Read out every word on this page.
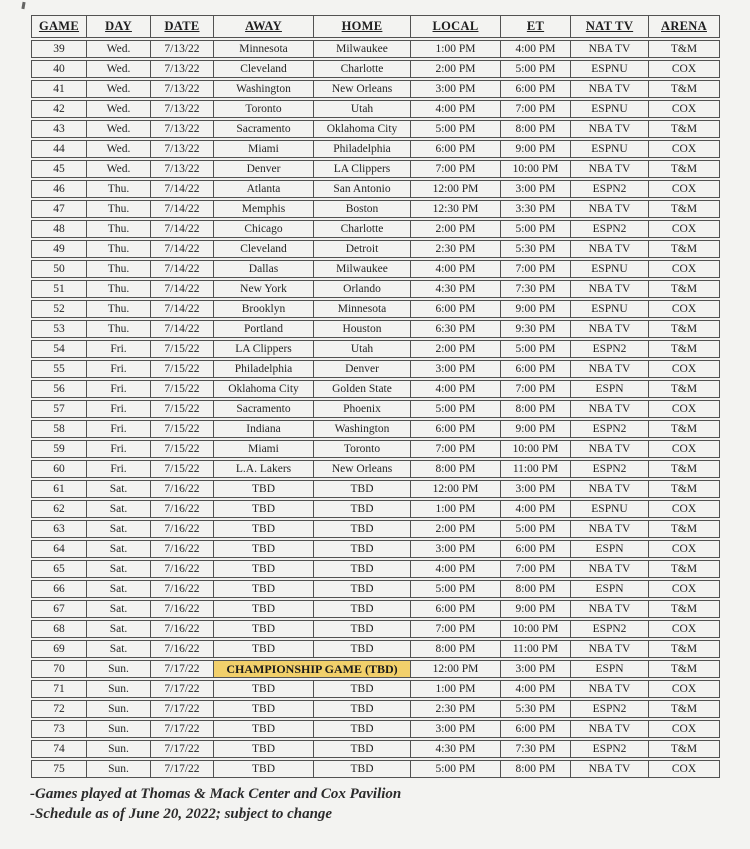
GAME	DAY	DATE	AWAY	HOME	LOCAL	ET	NAT TV	ARENA
39	Wed.	7/13/22	Minnesota	Milwaukee	1:00 PM	4:00 PM	NBA TV	T&M
40	Wed.	7/13/22	Cleveland	Charlotte	2:00 PM	5:00 PM	ESPNU	COX
41	Wed.	7/13/22	Washington	New Orleans	3:00 PM	6:00 PM	NBA TV	T&M
42	Wed.	7/13/22	Toronto	Utah	4:00 PM	7:00 PM	ESPNU	COX
43	Wed.	7/13/22	Sacramento	Oklahoma City	5:00 PM	8:00 PM	NBA TV	T&M
44	Wed.	7/13/22	Miami	Philadelphia	6:00 PM	9:00 PM	ESPNU	COX
45	Wed.	7/13/22	Denver	LA Clippers	7:00 PM	10:00 PM	NBA TV	T&M
46	Thu.	7/14/22	Atlanta	San Antonio	12:00 PM	3:00 PM	ESPN2	COX
47	Thu.	7/14/22	Memphis	Boston	12:30 PM	3:30 PM	NBA TV	T&M
48	Thu.	7/14/22	Chicago	Charlotte	2:00 PM	5:00 PM	ESPN2	COX
49	Thu.	7/14/22	Cleveland	Detroit	2:30 PM	5:30 PM	NBA TV	T&M
50	Thu.	7/14/22	Dallas	Milwaukee	4:00 PM	7:00 PM	ESPNU	COX
51	Thu.	7/14/22	New York	Orlando	4:30 PM	7:30 PM	NBA TV	T&M
52	Thu.	7/14/22	Brooklyn	Minnesota	6:00 PM	9:00 PM	ESPNU	COX
53	Thu.	7/14/22	Portland	Houston	6:30 PM	9:30 PM	NBA TV	T&M
54	Fri.	7/15/22	LA Clippers	Utah	2:00 PM	5:00 PM	ESPN2	T&M
55	Fri.	7/15/22	Philadelphia	Denver	3:00 PM	6:00 PM	NBA TV	COX
56	Fri.	7/15/22	Oklahoma City	Golden State	4:00 PM	7:00 PM	ESPN	T&M
57	Fri.	7/15/22	Sacramento	Phoenix	5:00 PM	8:00 PM	NBA TV	COX
58	Fri.	7/15/22	Indiana	Washington	6:00 PM	9:00 PM	ESPN2	T&M
59	Fri.	7/15/22	Miami	Toronto	7:00 PM	10:00 PM	NBA TV	COX
60	Fri.	7/15/22	L.A. Lakers	New Orleans	8:00 PM	11:00 PM	ESPN2	T&M
61	Sat.	7/16/22	TBD	TBD	12:00 PM	3:00 PM	NBA TV	T&M
62	Sat.	7/16/22	TBD	TBD	1:00 PM	4:00 PM	ESPNU	COX
63	Sat.	7/16/22	TBD	TBD	2:00 PM	5:00 PM	NBA TV	T&M
64	Sat.	7/16/22	TBD	TBD	3:00 PM	6:00 PM	ESPN	COX
65	Sat.	7/16/22	TBD	TBD	4:00 PM	7:00 PM	NBA TV	T&M
66	Sat.	7/16/22	TBD	TBD	5:00 PM	8:00 PM	ESPN	COX
67	Sat.	7/16/22	TBD	TBD	6:00 PM	9:00 PM	NBA TV	T&M
68	Sat.	7/16/22	TBD	TBD	7:00 PM	10:00 PM	ESPN2	COX
69	Sat.	7/16/22	TBD	TBD	8:00 PM	11:00 PM	NBA TV	T&M
70	Sun.	7/17/22	CHAMPIONSHIP GAME (TBD)		12:00 PM	3:00 PM	ESPN	T&M
71	Sun.	7/17/22	TBD	TBD	1:00 PM	4:00 PM	NBA TV	COX
72	Sun.	7/17/22	TBD	TBD	2:30 PM	5:30 PM	ESPN2	T&M
73	Sun.	7/17/22	TBD	TBD	3:00 PM	6:00 PM	NBA TV	COX
74	Sun.	7/17/22	TBD	TBD	4:30 PM	7:30 PM	ESPN2	T&M
75	Sun.	7/17/22	TBD	TBD	5:00 PM	8:00 PM	NBA TV	COX
-Games played at Thomas & Mack Center and Cox Pavilion
-Schedule as of June 20, 2022; subject to change
